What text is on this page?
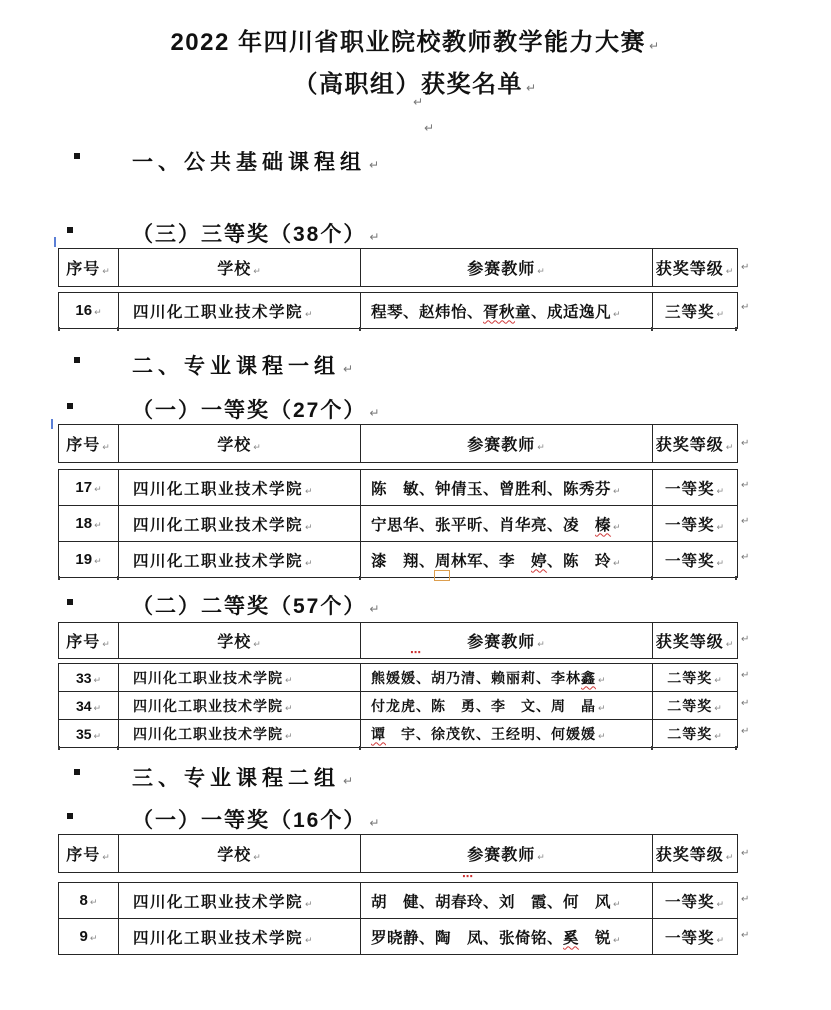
2022 年四川省职业院校教师教学能力大赛 ↵
（高职组）获奖名单 ↵
↵
↵
一、公共基础课程组 ↵
（三）三等奖（38个） ↵
序号 ↵	学校 ↵	参赛教师 ↵	获奖等级 ↵
16 ↵	四川化工职业技术学院 ↵	程琴、赵炜怡、胥秋童、成适逸凡 ↵	三等奖 ↵
二、专业课程一组 ↵
（一）一等奖（27个） ↵
序号 ↵	学校 ↵	参赛教师 ↵	获奖等级 ↵
17 ↵	四川化工职业技术学院 ↵	陈　敏、钟倩玉、曾胜利、陈秀芬 ↵	一等奖 ↵
18 ↵	四川化工职业技术学院 ↵	宁思华、张平昕、肖华亮、凌　榛 ↵	一等奖 ↵
19 ↵	四川化工职业技术学院 ↵	漆　翔、周林军、李　婷、陈　玲 ↵	一等奖 ↵
（二）二等奖（57个） ↵
序号 ↵	学校 ↵	参赛教师 ↵	获奖等级 ↵
33 ↵	四川化工职业技术学院 ↵	熊媛媛、胡乃清、赖丽莉、李林鑫 ↵	二等奖 ↵
34 ↵	四川化工职业技术学院 ↵	付龙虎、陈　勇、李　文、周　晶 ↵	二等奖 ↵
35 ↵	四川化工职业技术学院 ↵	谭　宇、徐茂钦、王经明、何媛媛 ↵	二等奖 ↵
⋯
三、专业课程二组 ↵
（一）一等奖（16个） ↵
序号 ↵	学校 ↵	参赛教师 ↵	获奖等级 ↵
8 ↵	四川化工职业技术学院 ↵	胡　健、胡春玲、刘　霞、何　风 ↵	一等奖 ↵
9 ↵	四川化工职业技术学院 ↵	罗晓静、陶　凤、张倚铭、奚　锐 ↵	一等奖 ↵
⋯
↵
↵
↵
↵
↵
↵
↵
↵
↵
↵
↵
↵
↵
